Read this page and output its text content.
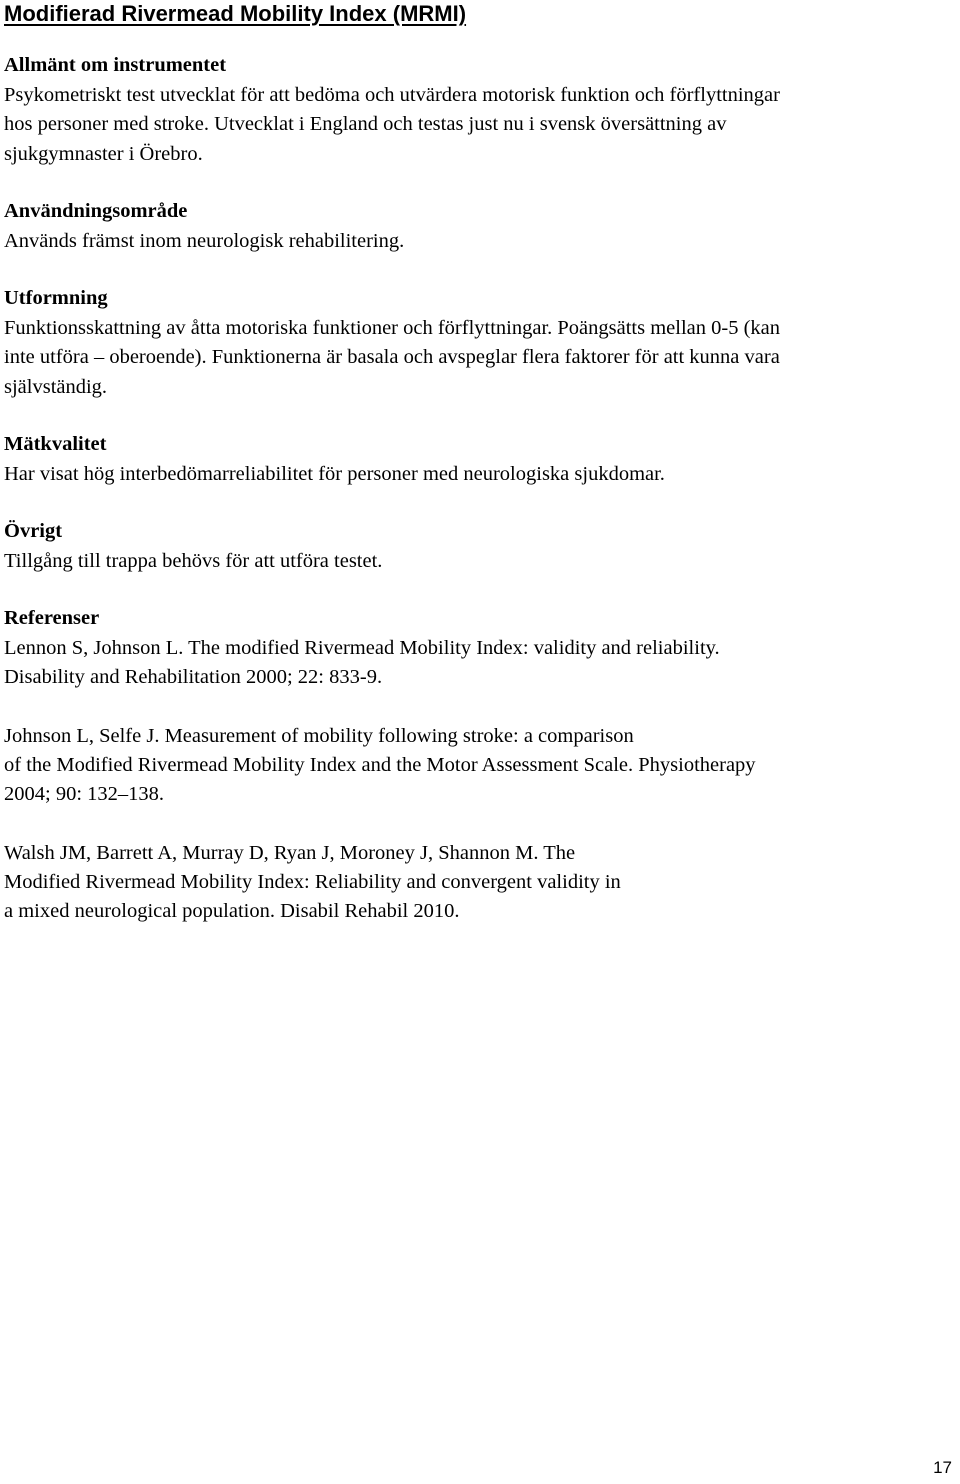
Modifierad Rivermead Mobility Index (MRMI)

Allmänt om instrumentet

Psykometriskt test utvecklat för att bedöma och utvärdera motorisk funktion och förflyttningar
hos personer med stroke. Utvecklat i England och testas just nu i svensk översättning av
sjukgymnaster i Örebro.

Användningsområde

Används främst inom neurologisk rehabilitering.

Utformning

Funktionsskattning av åtta motoriska funktioner och förflyttningar. Poängsätts mellan 0-5 (kan
inte utföra – oberoende). Funktionerna är basala och avspeglar flera faktorer för att kunna vara
självständig.

Mätkvalitet

Har visat hög interbedömarreliabilitet för personer med neurologiska sjukdomar.

Övrigt

Tillgång till trappa behövs för att utföra testet.

Referenser

Lennon S, Johnson L. The modified Rivermead Mobility Index: validity and reliability.
Disability and Rehabilitation 2000; 22: 833-9.

Johnson L, Selfe J. Measurement of mobility following stroke: a comparison
of the Modified Rivermead Mobility Index and the Motor Assessment Scale. Physiotherapy
2004; 90: 132–138.

Walsh JM, Barrett A, Murray D, Ryan J, Moroney J, Shannon M. The
Modified Rivermead Mobility Index: Reliability and convergent validity in
a mixed neurological population. Disabil Rehabil 2010.

17
